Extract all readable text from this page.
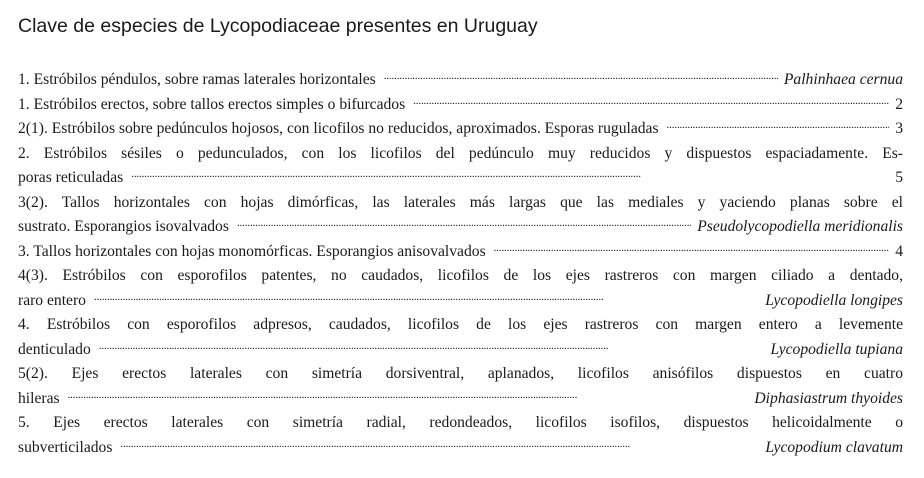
Clave de especies de Lycopodiaceae presentes en Uruguay
1. Estróbilos péndulos, sobre ramas laterales horizontales . . .	Palhinhaea cernua
1. Estróbilos erectos, sobre tallos erectos simples o bifurcados . . .	2
2(1). Estróbilos sobre pedúnculos hojosos, con licofilos no reducidos, aproximados. Esporas ruguladas . . .	3
2. Estróbilos sésiles o pedunculados, con los licofilos del pedúnculo muy reducidos y dispuestos espaciadamente. Es-
poras reticuladas . . .	5
3(2). Tallos horizontales con hojas dimórficas, las laterales más largas que las mediales y yaciendo planas sobre el
sustrato. Esporangios isovalvados . . .	Pseudolycopodiella meridionalis
3. Tallos horizontales con hojas monomórficas. Esporangios anisovalvados . . .	4
4(3). Estróbilos con esporofilos patentes, no caudados, licofilos de los ejes rastreros con margen ciliado a dentado,
raro entero . . .	Lycopodiella longipes
4. Estróbilos con esporofilos adpresos, caudados, licofilos de los ejes rastreros con margen entero a levemente
denticulado . . .	Lycopodiella tupiana
5(2). Ejes erectos laterales con simetría dorsiventral, aplanados, licofilos anisófilos dispuestos en cuatro
hileras . . .	Diphasiastrum thyoides
5. Ejes erectos laterales con simetría radial, redondeados, licofilos isofilos, dispuestos helicoidalmente o
subverticilados . . .	Lycopodium clavatum
